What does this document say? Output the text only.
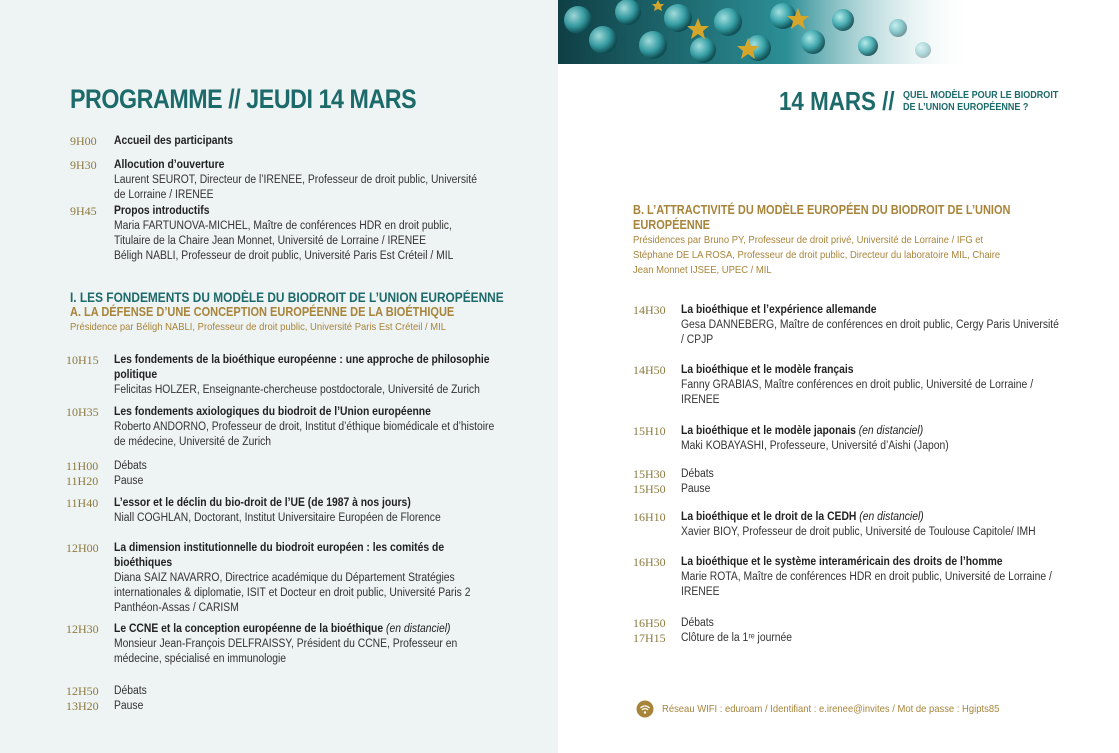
PROGRAMME // JEUDI 14 MARS	14 MARS // QUEL MODÈLE POUR LE BIODROIT
DE L’UNION EUROPÉENNE ?
9H00 Accueil des participants
9H30 Allocution d’ouverture
Laurent SEUROT, Directeur de l’IRENEE, Professeur de droit public, Université de Lorraine / IRENEE
9H45 Propos introductifs
Maria FARTUNOVA-MICHEL, Maître de conférences HDR en droit public, Titulaire de la Chaire Jean Monnet, Université de Lorraine / IRENEE
Béligh NABLI, Professeur de droit public, Université Paris Est Créteil / MIL
I. LES FONDEMENTS DU MODÈLE DU BIODROIT DE L’UNION EUROPÉENNE
A. LA DÉFENSE D’UNE CONCEPTION EUROPÉENNE DE LA BIOÉTHIQUE
Présidence par Béligh NABLI, Professeur de droit public, Université Paris Est Créteil / MIL
10H15 Les fondements de la bioéthique européenne : une approche de philosophie politique
Felicitas HOLZER, Enseignante-chercheuse postdoctorale, Université de Zurich
10H35 Les fondements axiologiques du biodroit de l’Union européenne
Roberto ANDORNO, Professeur de droit, Institut d’éthique biomédicale et d’histoire de médecine, Université de Zurich
11H00 Débats
11H20 Pause
11H40 L’essor et le déclin du bio-droit de l’UE (de 1987 à nos jours)
Niall COGHLAN, Doctorant, Institut Universitaire Européen de Florence
12H00 La dimension institutionnelle du biodroit européen : les comités de bioéthiques
Diana SAIZ NAVARRO, Directrice académique du Département Stratégies internationales & diplomatie, ISIT et Docteur en droit public, Université Paris 2 Panthéon-Assas / CARISM
12H30 Le CCNE et la conception européenne de la bioéthique (en distanciel)
Monsieur Jean-François DELFRAISSY, Président du CCNE, Professeur en médecine, spécialisé en immunologie
12H50 Débats
13H20 Pause
B. L’ATTRACTIVITÉ DU MODÈLE EUROPÉEN DU BIODROIT DE L’UNION EUROPÉENNE
Présidences par Bruno PY, Professeur de droit privé, Université de Lorraine / IFG et Stéphane DE LA ROSA, Professeur de droit public, Directeur du laboratoire MIL, Chaire Jean Monnet IJSEE, UPEC / MIL
14H30 La bioéthique et l’expérience allemande
Gesa DANNEBERG, Maître de conférences en droit public, Cergy Paris Université / CPJP
14H50 La bioéthique et le modèle français
Fanny GRABIAS, Maître conférences en droit public, Université de Lorraine / IRENEE
15H10 La bioéthique et le modèle japonais (en distanciel)
Maki KOBAYASHI, Professeure, Université d’Aishi (Japon)
15H30 Débats
15H50 Pause
16H10 La bioéthique et le droit de la CEDH (en distanciel)
Xavier BIOY, Professeur de droit public, Université de Toulouse Capitole/ IMH
16H30 La bioéthique et le système interaméricain des droits de l’homme
Marie ROTA, Maître de conférences HDR en droit public, Université de Lorraine / IRENEE
16H50 Débats
17H15 Clôture de la 1ʳᵉ journée
Réseau WIFI : eduroam / Identifiant : e.irenee@invites / Mot de passe : Hgipts85
